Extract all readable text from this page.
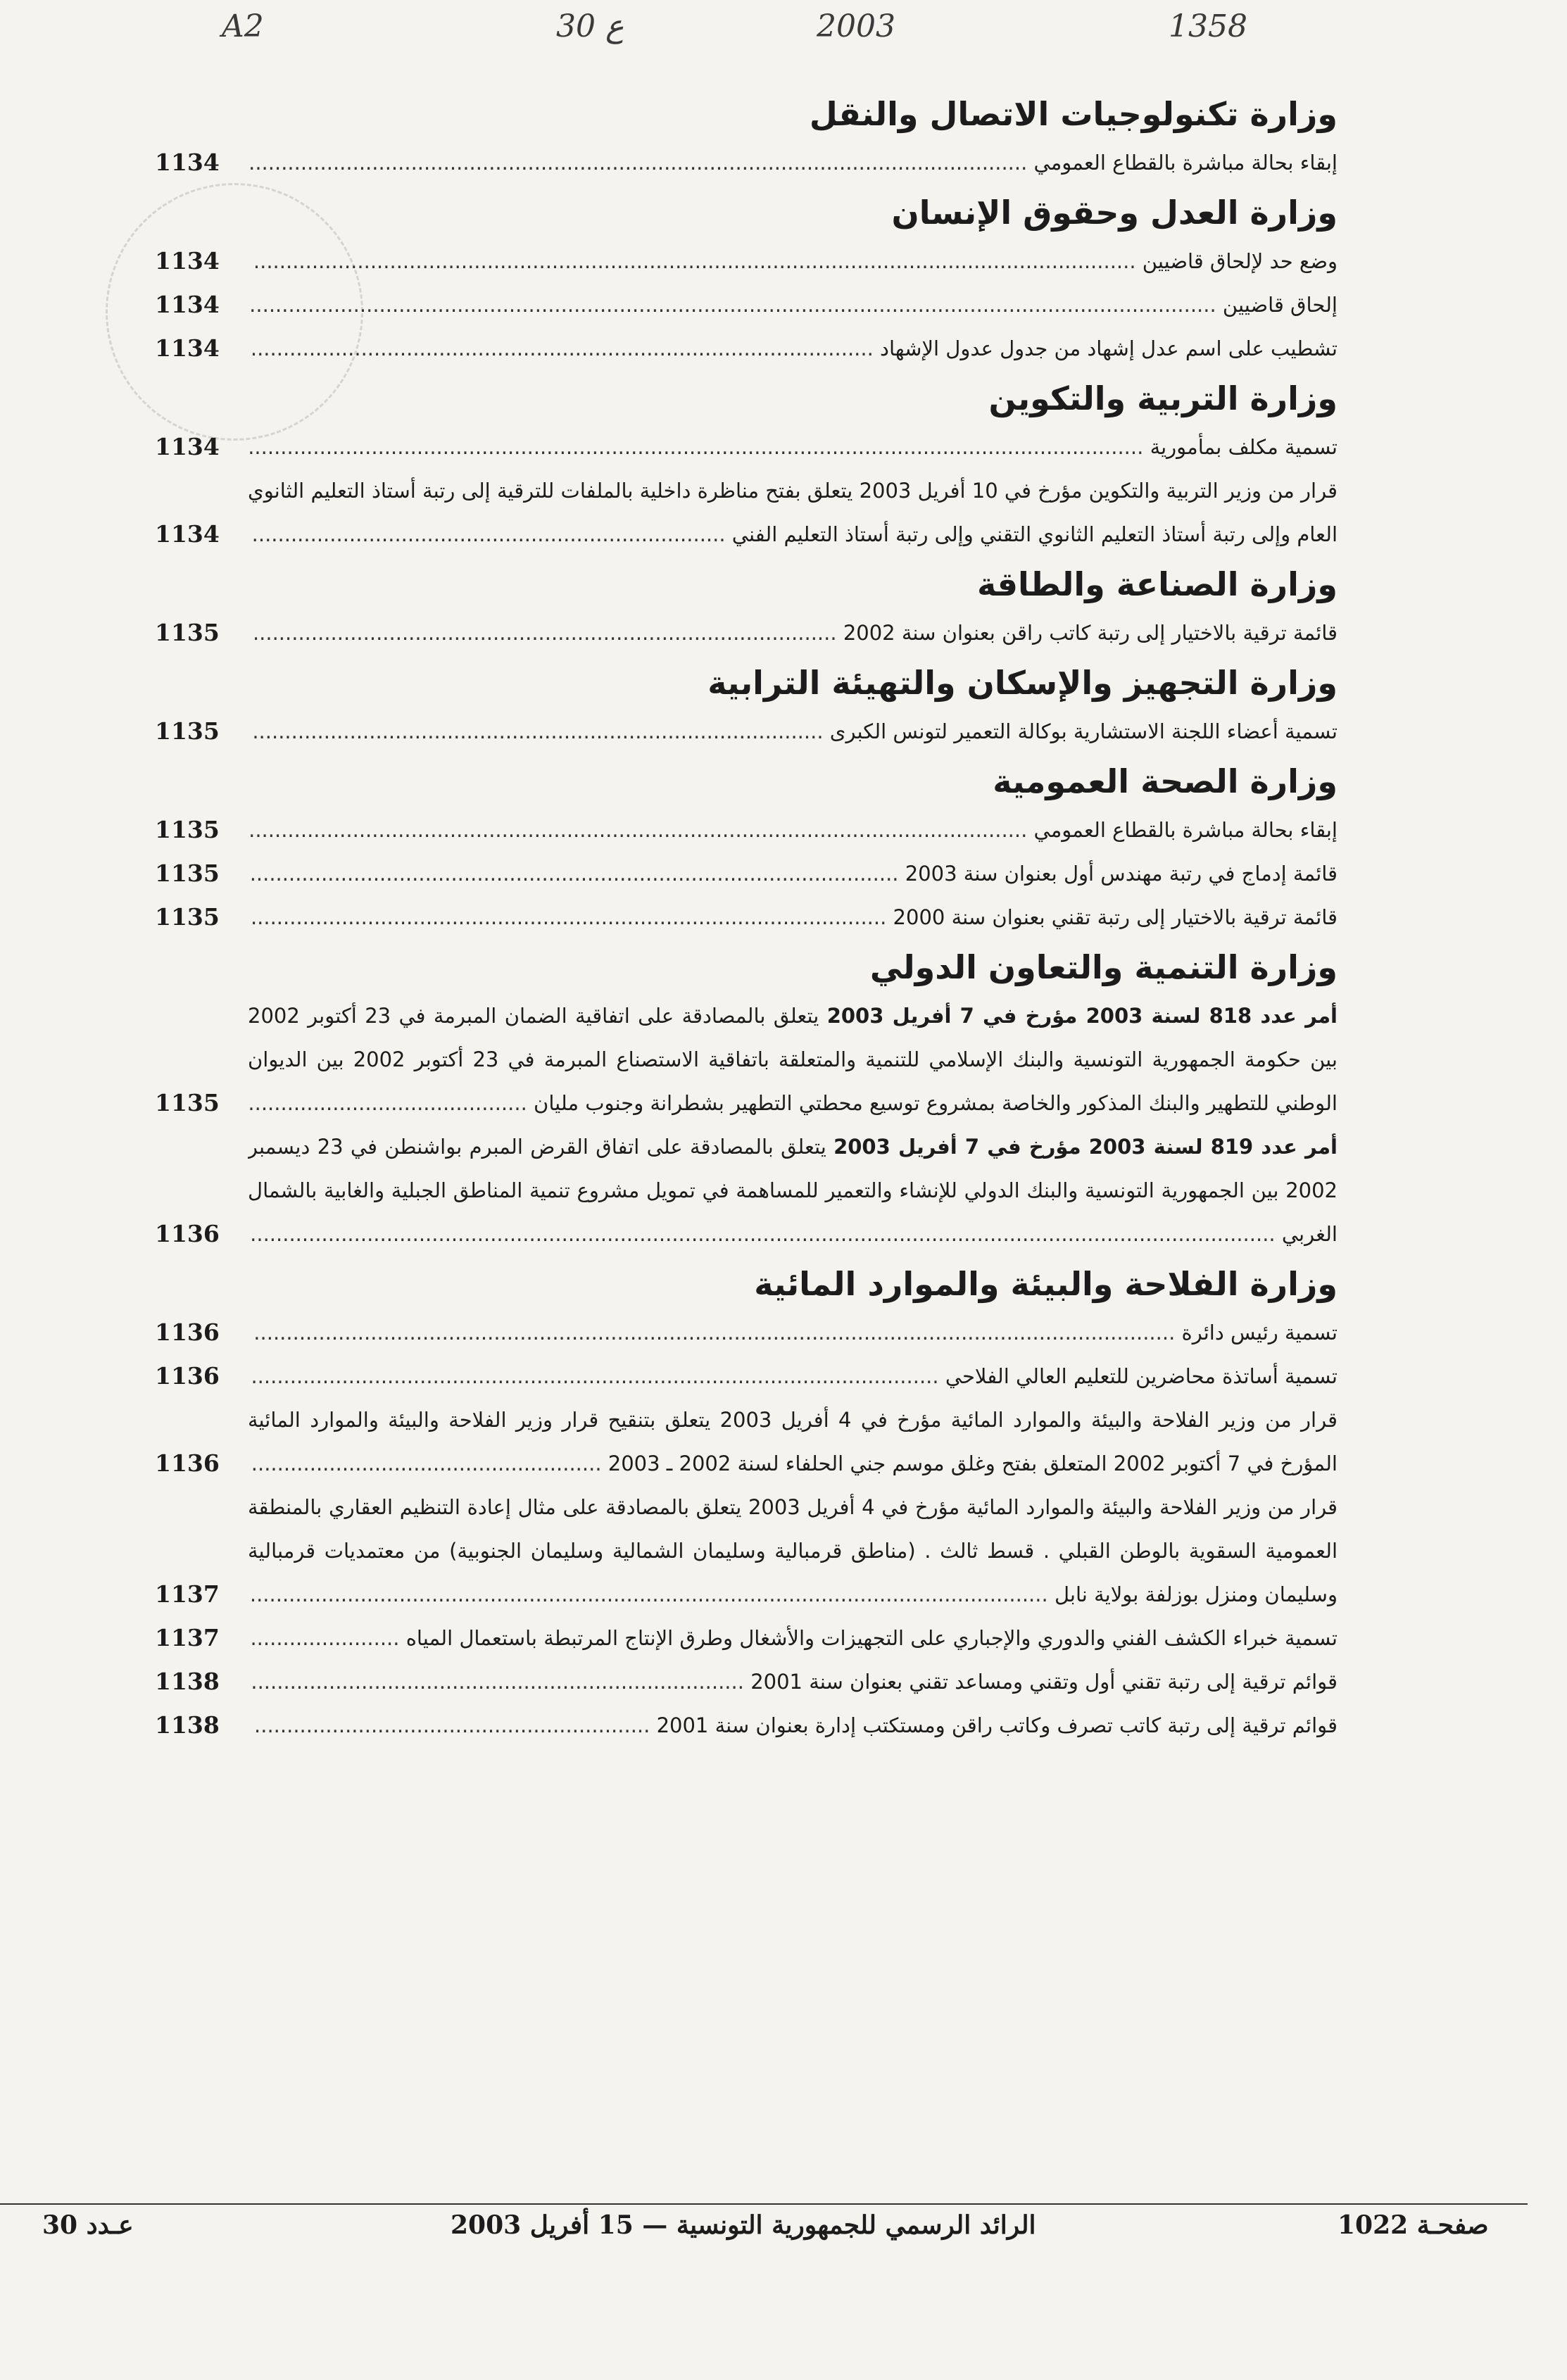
A2	30 ع	2003	1358
وزارة تكنولوجيات الاتصال والنقل
إبقاء بحالة مباشرة بالقطاع العمومي ........................................................................................................................
1134
وزارة العدل وحقوق الإنسان
وضع حد لإلحاق قاضيين ........................................................................................................................................
1134
إلحاق قاضيين .....................................................................................................................................................
1134
تشطيب على اسم عدل إشهاد من جدول عدول الإشهاد ................................................................................................
1134
وزارة التربية والتكوين
تسمية مكلف بمأمورية ..........................................................................................................................................
1134
قرار من وزير التربية والتكوين مؤرخ في 10 أفريل 2003 يتعلق بفتح مناظرة داخلية بالملفات للترقية إلى رتبة أستاذ التعليم الثانوي العام وإلى رتبة أستاذ التعليم الثانوي التقني وإلى رتبة أستاذ التعليم الفني .........................................................................
1134
وزارة الصناعة والطاقة
قائمة ترقية بالاختيار إلى رتبة كاتب راقن بعنوان سنة 2002 ..........................................................................................
1135
وزارة التجهيز والإسكان والتهيئة الترابية
تسمية أعضاء اللجنة الاستشارية بوكالة التعمير لتونس الكبرى ........................................................................................
1135
وزارة الصحة العمومية
إبقاء بحالة مباشرة بالقطاع العمومي ........................................................................................................................
1135
قائمة إدماج في رتبة مهندس أول بعنوان سنة 2003 ....................................................................................................
1135
قائمة ترقية بالاختيار إلى رتبة تقني بعنوان سنة 2000 ..................................................................................................
1135
وزارة التنمية والتعاون الدولي
أمر عدد 818 لسنة 2003 مؤرخ في 7 أفريل 2003 يتعلق بالمصادقة على اتفاقية الضمان المبرمة في 23 أكتوبر 2002 بين حكومة الجمهورية التونسية والبنك الإسلامي للتنمية والمتعلقة باتفاقية الاستصناع المبرمة في 23 أكتوبر 2002 بين الديوان الوطني للتطهير والبنك المذكور والخاصة بمشروع توسيع محطتي التطهير بشطرانة وجنوب مليان ...........................................
1135
أمر عدد 819 لسنة 2003 مؤرخ في 7 أفريل 2003 يتعلق بالمصادقة على اتفاق القرض المبرم بواشنطن في 23 ديسمبر 2002 بين الجمهورية التونسية والبنك الدولي للإنشاء والتعمير للمساهمة في تمويل مشروع تنمية المناطق الجبلية والغابية بالشمال الغربي ..............................................................................................................................................................
1136
وزارة الفلاحة والبيئة والموارد المائية
تسمية رئيس دائرة ..............................................................................................................................................
1136
تسمية أساتذة محاضرين للتعليم العالي الفلاحي ..........................................................................................................
1136
قرار من وزير الفلاحة والبيئة والموارد المائية مؤرخ في 4 أفريل 2003 يتعلق بتنقيح قرار وزير الفلاحة والبيئة والموارد المائية المؤرخ في 7 أكتوبر 2002 المتعلق بفتح وغلق موسم جني الحلفاء لسنة 2002 ـ 2003 ......................................................
1136
قرار من وزير الفلاحة والبيئة والموارد المائية مؤرخ في 4 أفريل 2003 يتعلق بالمصادقة على مثال إعادة التنظيم العقاري بالمنطقة العمومية السقوية بالوطن القبلي . قسط ثالث . (مناطق قرمبالية وسليمان الشمالية وسليمان الجنوبية) من معتمديات قرمبالية وسليمان ومنزل بوزلفة بولاية نابل ...........................................................................................................................
1137
تسمية خبراء الكشف الفني والدوري والإجباري على التجهيزات والأشغال وطرق الإنتاج المرتبطة باستعمال المياه .......................
1137
قوائم ترقية إلى رتبة تقني أول وتقني ومساعد تقني بعنوان سنة 2001 ............................................................................
1138
قوائم ترقية إلى رتبة كاتب تصرف وكاتب راقن ومستكتب إدارة بعنوان سنة 2001 .............................................................
1138
عـدد 30	الرائد الرسمي للجمهورية التونسية — 15 أفريل 2003	صفحـة 1022
